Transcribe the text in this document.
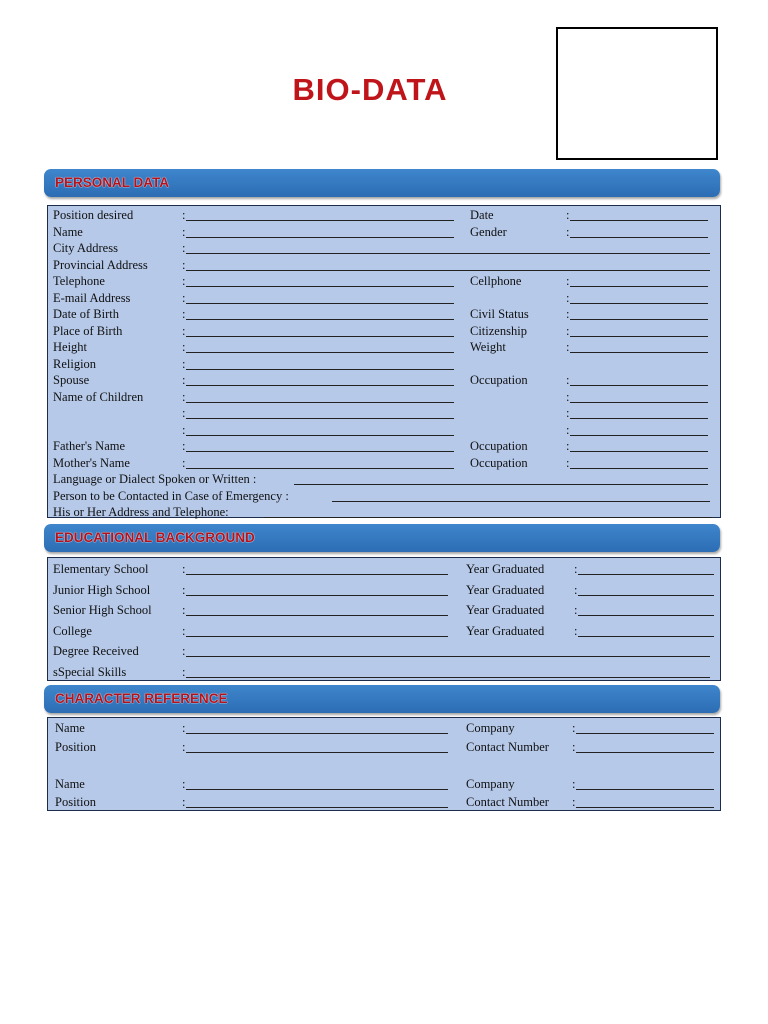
BIO-DATA
PERSONAL DATA
Position desired	:	Date	:
Name	:	Gender	:
City Address	:
Provincial Address	:
Telephone	:	Cellphone	:
E-mail Address	:	:
Date of Birth	:	Civil Status	:
Place of Birth	:	Citizenship	:
Height	:	Weight	:
Religion	:
Spouse	:	Occupation	:
Name of Children	:	:
:	:
:	:
Father's Name	:	Occupation	:
Mother's Name	:	Occupation	:
Language or Dialect Spoken or Written :
Person to be Contacted in Case of Emergency :
His or Her Address and Telephone:
EDUCATIONAL BACKGROUND
Elementary School	:	Year Graduated :
Junior High School	:	Year Graduated :
Senior High School :	Year Graduated :
College	:	Year Graduated :
Degree Received	:
sSpecial Skills	:
CHARACTER REFERENCE
Name	:	Company	:
Position	:	Contact Number :
Name	:	Company	:
Position	:	Contact Number :
